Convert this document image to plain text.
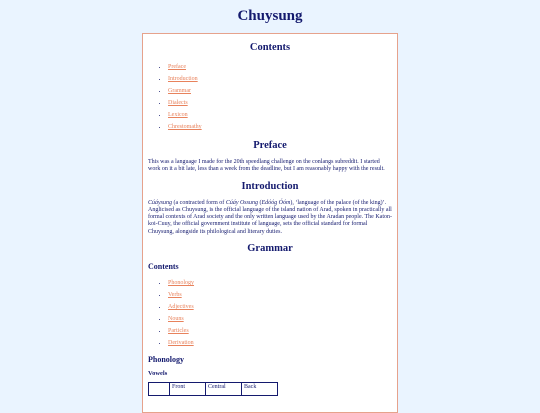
Chuysung
Contents
• Preface
• Introduction
• Grammar
• Dialects
• Lexicon
• Chrestomathy
Preface

This was a language I made for the 20th speedlang challenge on the conlangs subreddit. I started work on it a bit late, less than a week from the deadline, but I am reasonably happy with the result.

Introduction

Cúáysung (a contracted form of Cúáy Ossung (Edóóg Óóm), ‘language of the palace (of the king)’. Anglicised as Chuysung, is the official language of the island nation of Arad, spoken in practically all formal contexts of Arad society and the only written language used by the Aradan people. The Katon-koi-Cuuy, the official government institute of language, sets the official standard for formal Chuysung, alongside its philological and literary duties.

Grammar
Contents
• Phonology
• Verbs
• Adjectives
• Nouns
• Particles
• Derivation
Phonology
Vowels
	Front	Central	Back
